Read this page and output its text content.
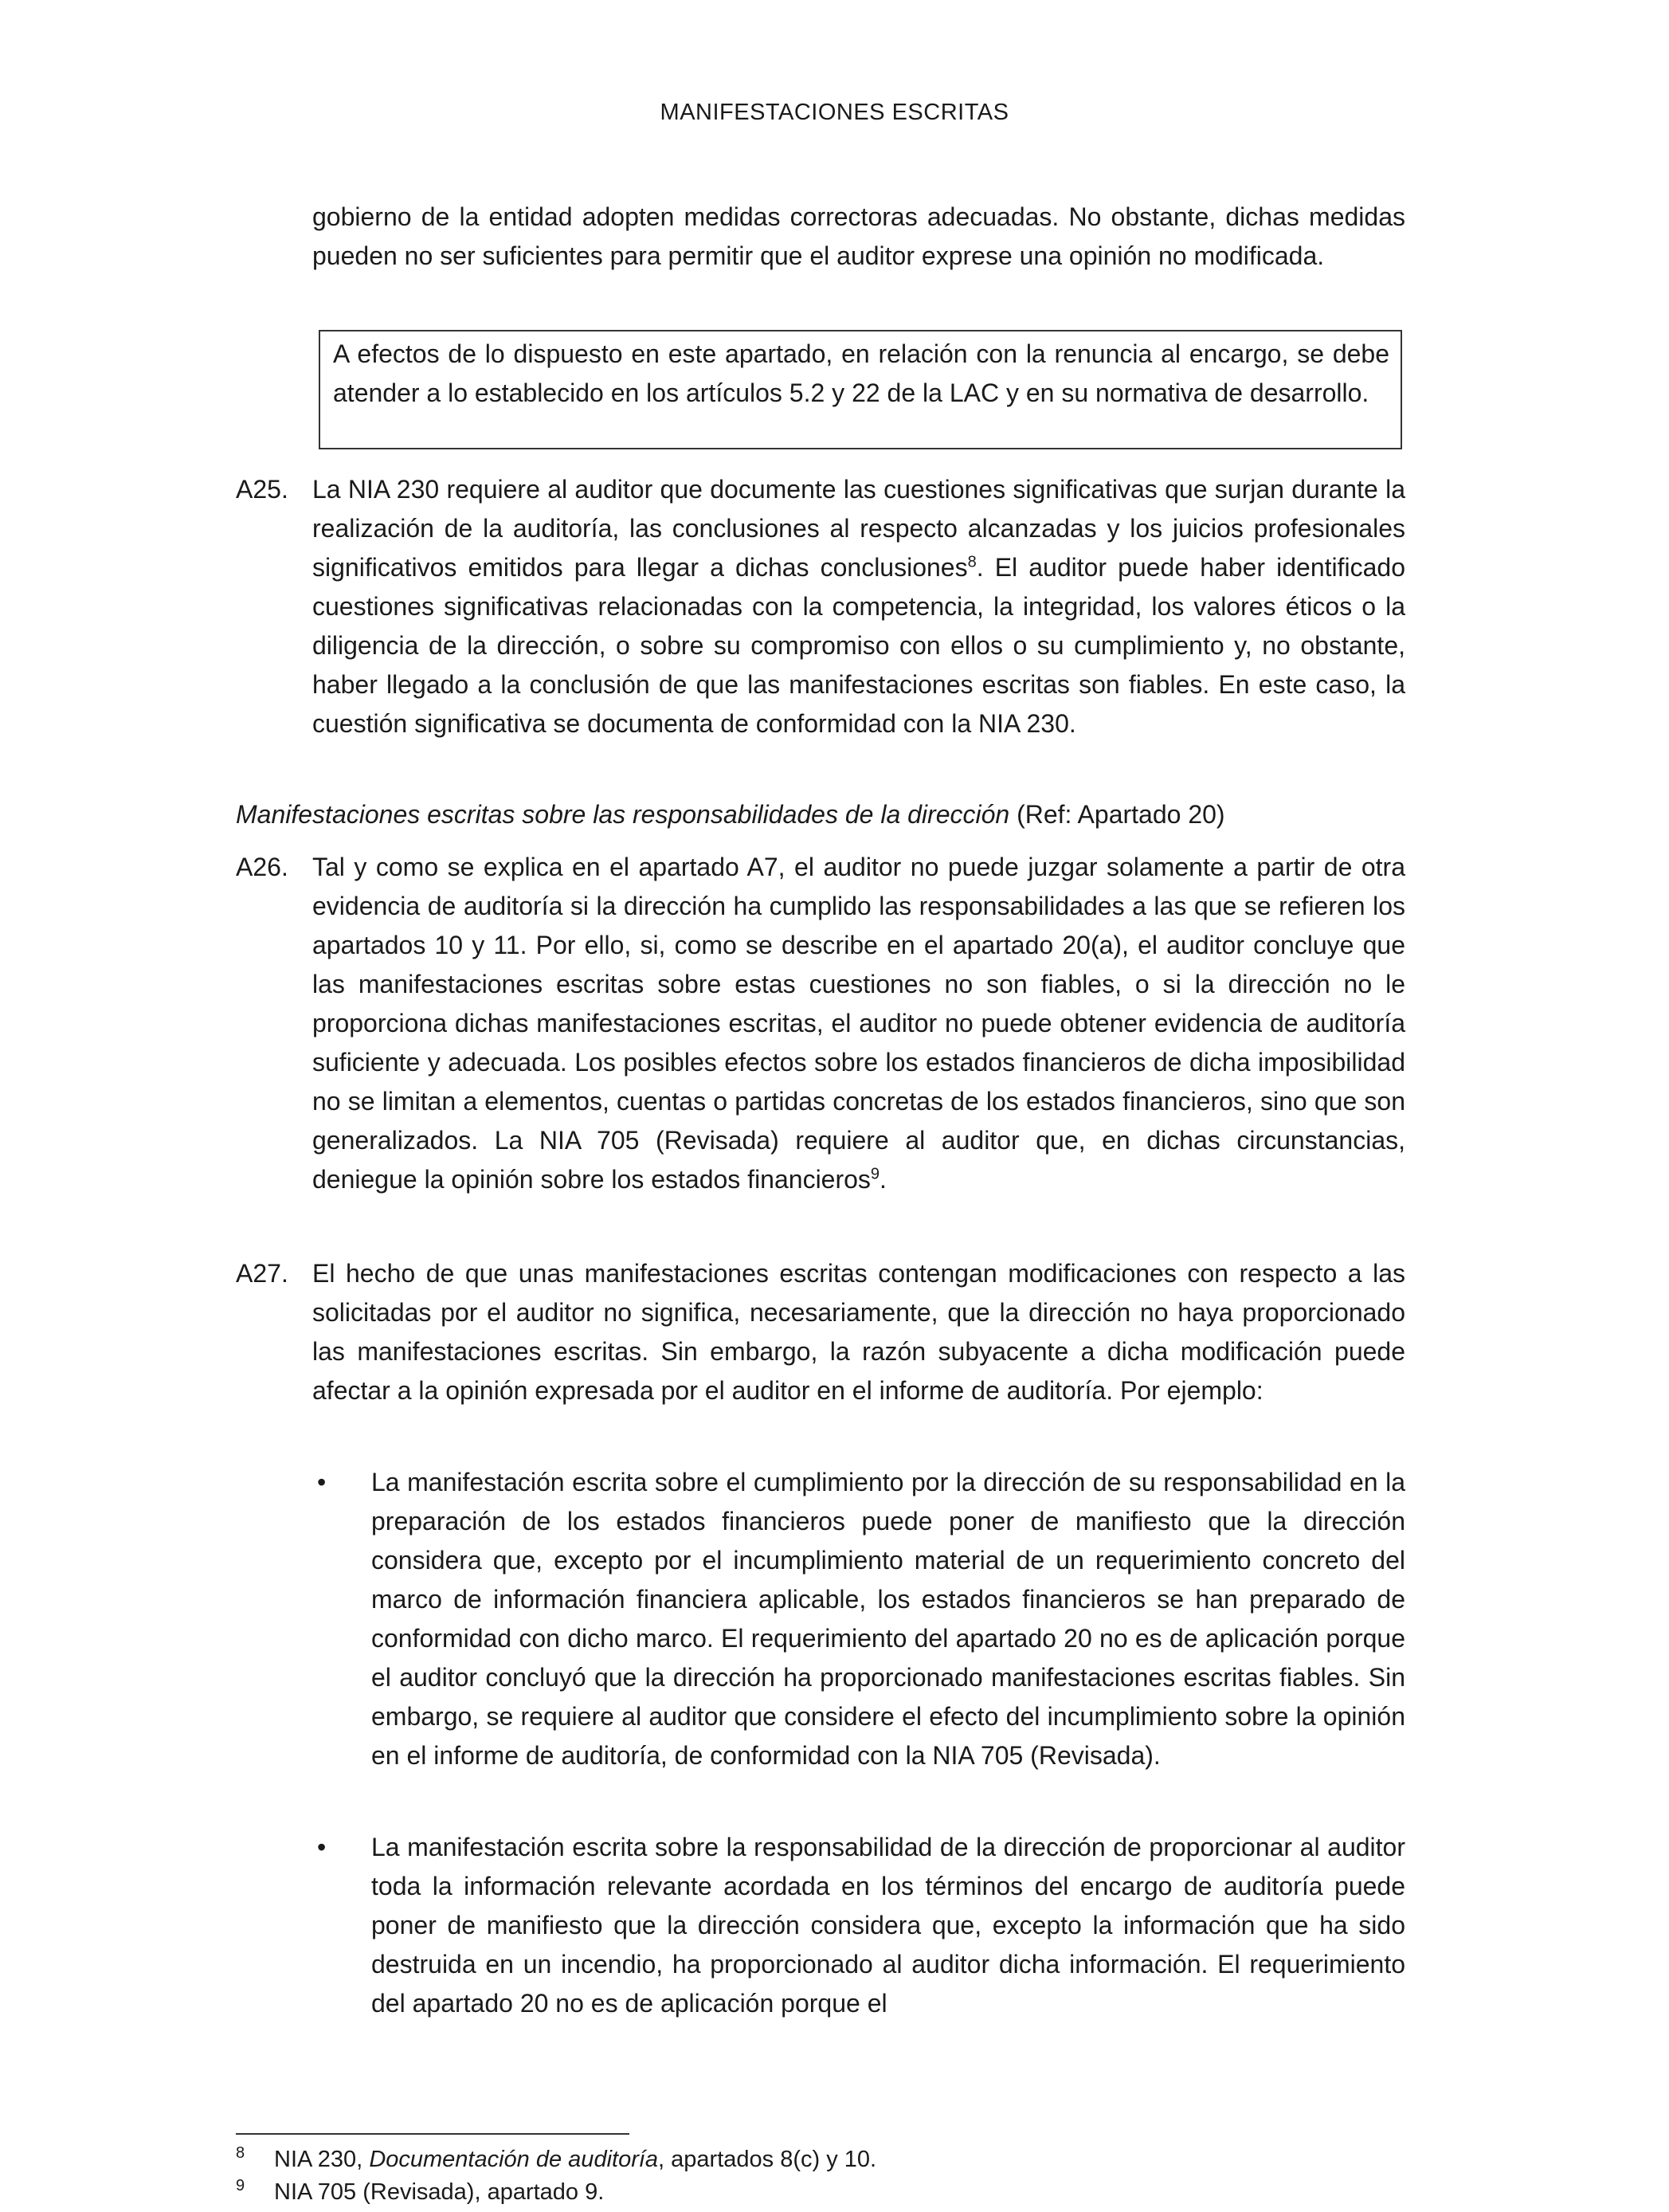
MANIFESTACIONES ESCRITAS
gobierno de la entidad adopten medidas correctoras adecuadas. No obstante, dichas medidas pueden no ser suficientes para permitir que el auditor exprese una opinión no modificada.
A efectos de lo dispuesto en este apartado, en relación con la renuncia al encargo, se debe atender a lo establecido en los artículos 5.2 y 22 de la LAC y en su normativa de desarrollo.
A25. La NIA 230 requiere al auditor que documente las cuestiones significativas que surjan durante la realización de la auditoría, las conclusiones al respecto alcanzadas y los juicios profesionales significativos emitidos para llegar a dichas conclusiones$^8$. El auditor puede haber identificado cuestiones significativas relacionadas con la competencia, la integridad, los valores éticos o la diligencia de la dirección, o sobre su compromiso con ellos o su cumplimiento y, no obstante, haber llegado a la conclusión de que las manifestaciones escritas son fiables. En este caso, la cuestión significativa se documenta de conformidad con la NIA 230.
Manifestaciones escritas sobre las responsabilidades de la dirección (Ref: Apartado 20)
A26. Tal y como se explica en el apartado A7, el auditor no puede juzgar solamente a partir de otra evidencia de auditoría si la dirección ha cumplido las responsabilidades a las que se refieren los apartados 10 y 11. Por ello, si, como se describe en el apartado 20(a), el auditor concluye que las manifestaciones escritas sobre estas cuestiones no son fiables, o si la dirección no le proporciona dichas manifestaciones escritas, el auditor no puede obtener evidencia de auditoría suficiente y adecuada. Los posibles efectos sobre los estados financieros de dicha imposibilidad no se limitan a elementos, cuentas o partidas concretas de los estados financieros, sino que son generalizados. La NIA 705 (Revisada) requiere al auditor que, en dichas circunstancias, deniegue la opinión sobre los estados financieros$^9$.
A27. El hecho de que unas manifestaciones escritas contengan modificaciones con respecto a las solicitadas por el auditor no significa, necesariamente, que la dirección no haya proporcionado las manifestaciones escritas. Sin embargo, la razón subyacente a dicha modificación puede afectar a la opinión expresada por el auditor en el informe de auditoría. Por ejemplo:
• La manifestación escrita sobre el cumplimiento por la dirección de su responsabilidad en la preparación de los estados financieros puede poner de manifiesto que la dirección considera que, excepto por el incumplimiento material de un requerimiento concreto del marco de información financiera aplicable, los estados financieros se han preparado de conformidad con dicho marco. El requerimiento del apartado 20 no es de aplicación porque el auditor concluyó que la dirección ha proporcionado manifestaciones escritas fiables. Sin embargo, se requiere al auditor que considere el efecto del incumplimiento sobre la opinión en el informe de auditoría, de conformidad con la NIA 705 (Revisada).
• La manifestación escrita sobre la responsabilidad de la dirección de proporcionar al auditor toda la información relevante acordada en los términos del encargo de auditoría puede poner de manifiesto que la dirección considera que, excepto la información que ha sido destruida en un incendio, ha proporcionado al auditor dicha información. El requerimiento del apartado 20 no es de aplicación porque el
8 NIA 230, Documentación de auditoría, apartados 8(c) y 10.
9 NIA 705 (Revisada), apartado 9.
